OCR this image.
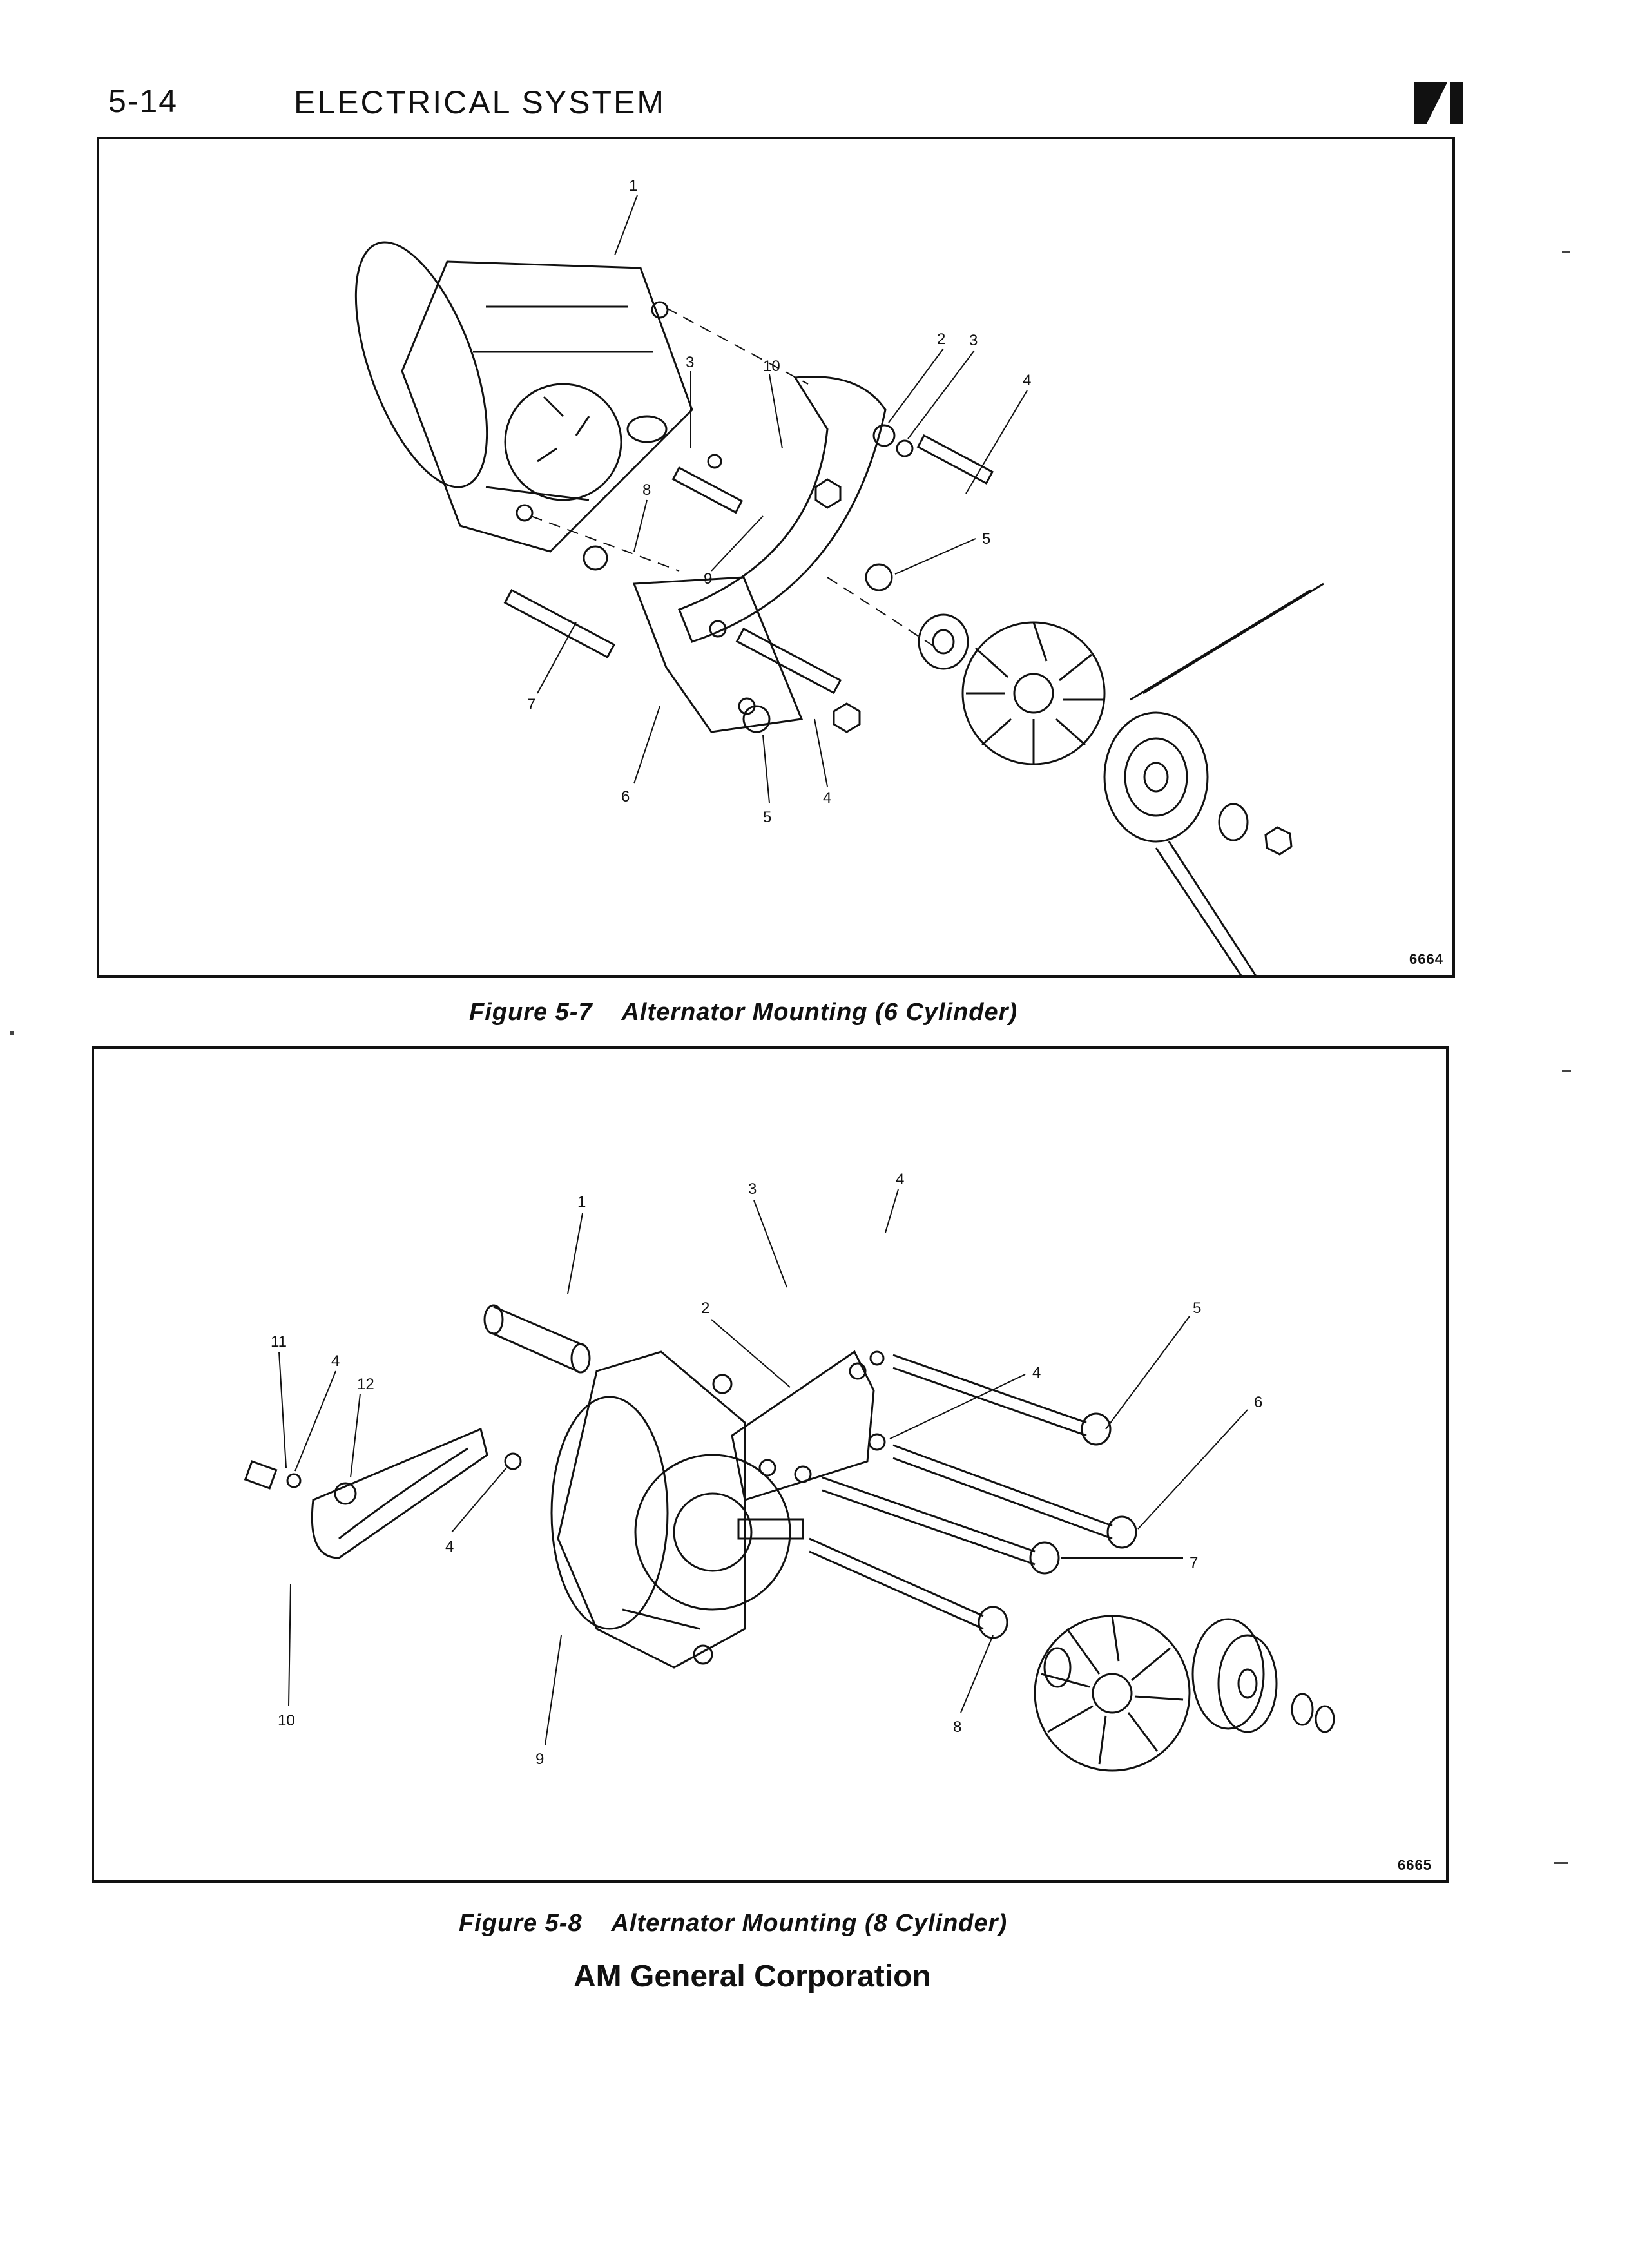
5-14	ELECTRICAL SYSTEM
1
2
3
3
4
4
5
5
6
7
8
9
10
6664
Figure 5-7 Alternator Mounting (6 Cylinder)
1
2
3
4
4
4
4
5
6
7
8
9
10
11
12
6665
Figure 5-8 Alternator Mounting (8 Cylinder)
AM General Corporation
